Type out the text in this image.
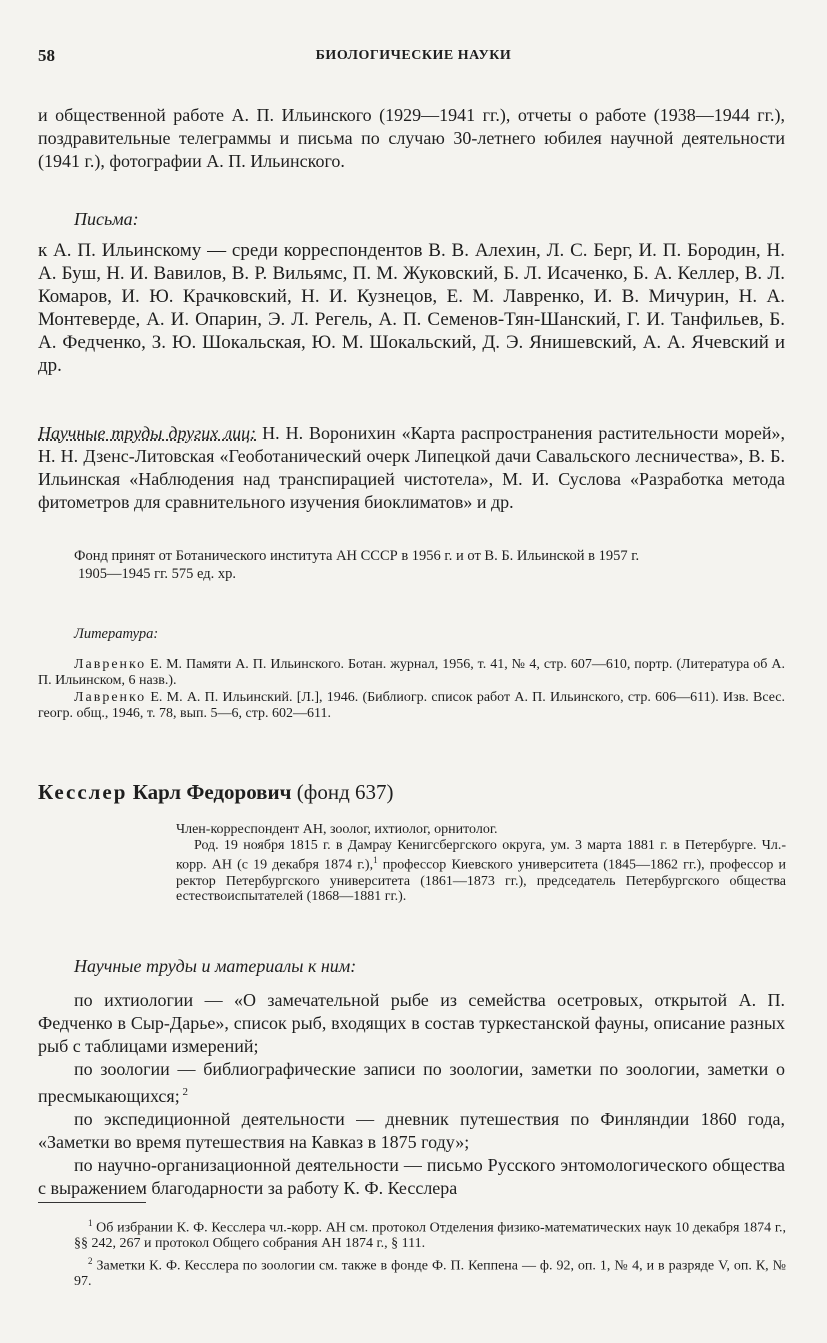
58	БИОЛОГИЧЕСКИЕ НАУКИ

и общественной работе А. П. Ильинского (1929—1941 гг.), отчеты о работе (1938—1944 гг.), поздравительные телеграммы и письма по случаю 30-летнего юбилея научной деятельности (1941 г.), фотографии А. П. Ильинского.

Письма:

к А. П. Ильинскому — среди корреспондентов В. В. Алехин, Л. С. Берг, И. П. Бородин, Н. А. Буш, Н. И. Вавилов, В. Р. Вильямс, П. М. Жуковский, Б. Л. Исаченко, Б. А. Келлер, В. Л. Комаров, И. Ю. Крачковский, Н. И. Кузнецов, Е. М. Лавренко, И. В. Мичурин, Н. А. Монтеверде, А. И. Опарин, Э. Л. Регель, А. П. Семенов-Тян-Шанский, Г. И. Танфильев, Б. А. Федченко, З. Ю. Шокальская, Ю. М. Шокальский, Д. Э. Янишевский, А. А. Ячевский и др.

Научные труды других лиц: Н. Н. Воронихин «Карта распространения растительности морей», Н. Н. Дзенс-Литовская «Геоботанический очерк Липецкой дачи Савальского лесничества», В. Б. Ильинская «Наблюдения над транспирацией чистотела», М. И. Суслова «Разработка метода фитометров для сравнительного изучения биоклиматов» и др.

Фонд принят от Ботанического института АН СССР в 1956 г. и от В. Б. Ильинской в 1957 г.

1905—1945 гг. 575 ед. хр.

Литература:

Лавренко Е. М. Памяти А. П. Ильинского. Ботан. журнал, 1956, т. 41, № 4, стр. 607—610, портр. (Литература об А. П. Ильинском, 6 назв.).

Лавренко Е. М. А. П. Ильинский. [Л.], 1946. (Библиогр. список работ А. П. Ильинского, стр. 606—611). Изв. Всес. геогр. общ., 1946, т. 78, вып. 5—6, стр. 602—611.

Кесслер Карл Федорович (фонд 637)

Член-корреспондент АН, зоолог, ихтиолог, орнитолог.

Род. 19 ноября 1815 г. в Дамрау Кенигсбергского округа, ум. 3 марта 1881 г. в Петербурге. Чл.-корр. АН (с 19 декабря 1874 г.),$^1$ профессор Киевского университета (1845—1862 гг.), профессор и ректор Петербургского университета (1861—1873 гг.), председатель Петербургского общества естествоиспытателей (1868—1881 гг.).

Научные труды и материалы к ним:

по ихтиологии — «О замечательной рыбе из семейства осетровых, открытой А. П. Федченко в Сыр-Дарье», список рыб, входящих в состав туркестанской фауны, описание разных рыб с таблицами измерений;

по зоологии — библиографические записи по зоологии, заметки по зоологии, заметки о пресмыкающихся; $^2$

по экспедиционной деятельности — дневник путешествия по Финляндии 1860 года, «Заметки во время путешествия на Кавказ в 1875 году»;

по научно-организационной деятельности — письмо Русского энтомологического общества с выражением благодарности за работу К. Ф. Кесслера

$^1$ Об избрании К. Ф. Кесслера чл.-корр. АН см. протокол Отделения физико-математических наук 10 декабря 1874 г., §§ 242, 267 и протокол Общего собрания АН 1874 г., § 111.

$^2$ Заметки К. Ф. Кесслера по зоологии см. также в фонде Ф. П. Кеппена — ф. 92, оп. 1, № 4, и в разряде V, оп. К, № 97.
